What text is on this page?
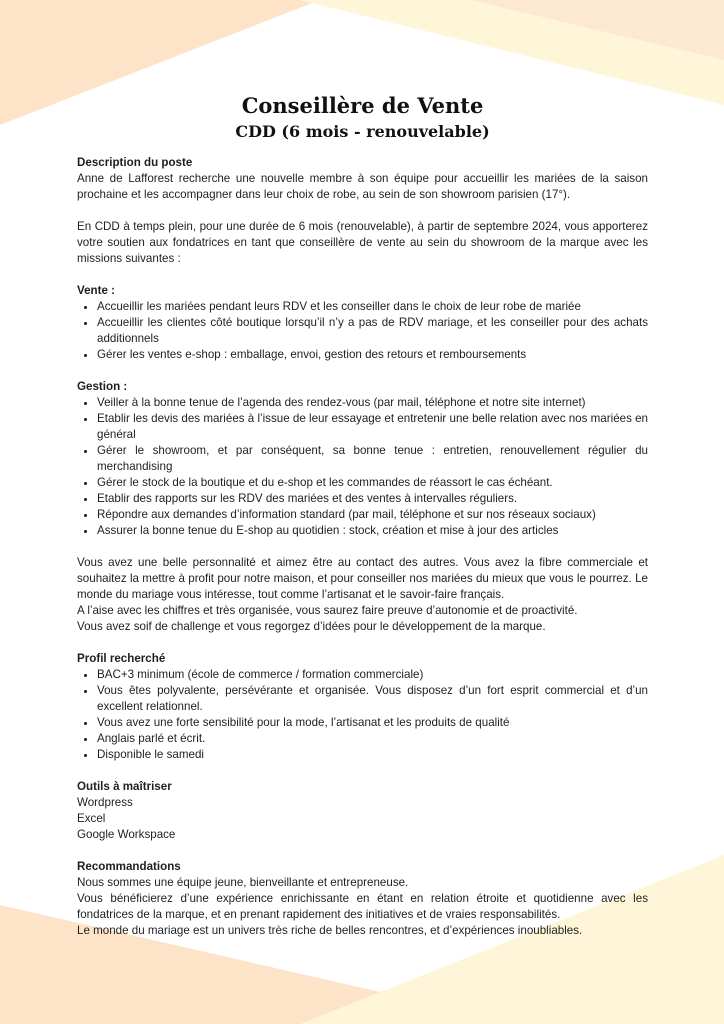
Conseillère de Vente
CDD (6 mois - renouvelable)

Description du poste

Anne de Lafforest recherche une nouvelle membre à son équipe pour accueillir les mariées de la saison prochaine et les accompagner dans leur choix de robe, au sein de son showroom parisien (17°).

En CDD à temps plein, pour une durée de 6 mois (renouvelable), à partir de septembre 2024, vous apporterez votre soutien aux fondatrices en tant que conseillère de vente au sein du showroom de la marque avec les missions suivantes :

Vente :

• Accueillir les mariées pendant leurs RDV et les conseiller dans le choix de leur robe de mariée
• Accueillir les clientes côté boutique lorsqu’il n’y a pas de RDV mariage, et les conseiller pour des achats additionnels
• Gérer les ventes e-shop : emballage, envoi, gestion des retours et remboursements

Gestion :

• Veiller à la bonne tenue de l’agenda des rendez-vous (par mail, téléphone et notre site internet)
• Etablir les devis des mariées à l’issue de leur essayage et entretenir une belle relation avec nos mariées en général
• Gérer le showroom, et par conséquent, sa bonne tenue : entretien, renouvellement régulier du merchandising
• Gérer le stock de la boutique et du e-shop et les commandes de réassort le cas échéant.
• Etablir des rapports sur les RDV des mariées et des ventes à intervalles réguliers.
• Répondre aux demandes d’information standard (par mail, téléphone et sur nos réseaux sociaux)
• Assurer la bonne tenue du E-shop au quotidien : stock, création et mise à jour des articles

Vous avez une belle personnalité et aimez être au contact des autres. Vous avez la fibre commerciale et souhaitez la mettre à profit pour notre maison, et pour conseiller nos mariées du mieux que vous le pourrez. Le monde du mariage vous intéresse, tout comme l’artisanat et le savoir-faire français.

A l’aise avec les chiffres et très organisée, vous saurez faire preuve d’autonomie et de proactivité.

Vous avez soif de challenge et vous regorgez d’idées pour le développement de la marque.

Profil recherché

• BAC+3 minimum (école de commerce / formation commerciale)
• Vous êtes polyvalente, persévérante et organisée. Vous disposez d’un fort esprit commercial et d’un excellent relationnel.
• Vous avez une forte sensibilité pour la mode, l’artisanat et les produits de qualité
• Anglais parlé et écrit.
• Disponible le samedi

Outils à maîtriser

Wordpress

Excel

Google Workspace

Recommandations

Nous sommes une équipe jeune, bienveillante et entrepreneuse.

Vous bénéficierez d’une expérience enrichissante en étant en relation étroite et quotidienne avec les fondatrices de la marque, et en prenant rapidement des initiatives et de vraies responsabilités.

Le monde du mariage est un univers très riche de belles rencontres, et d’expériences inoubliables.
